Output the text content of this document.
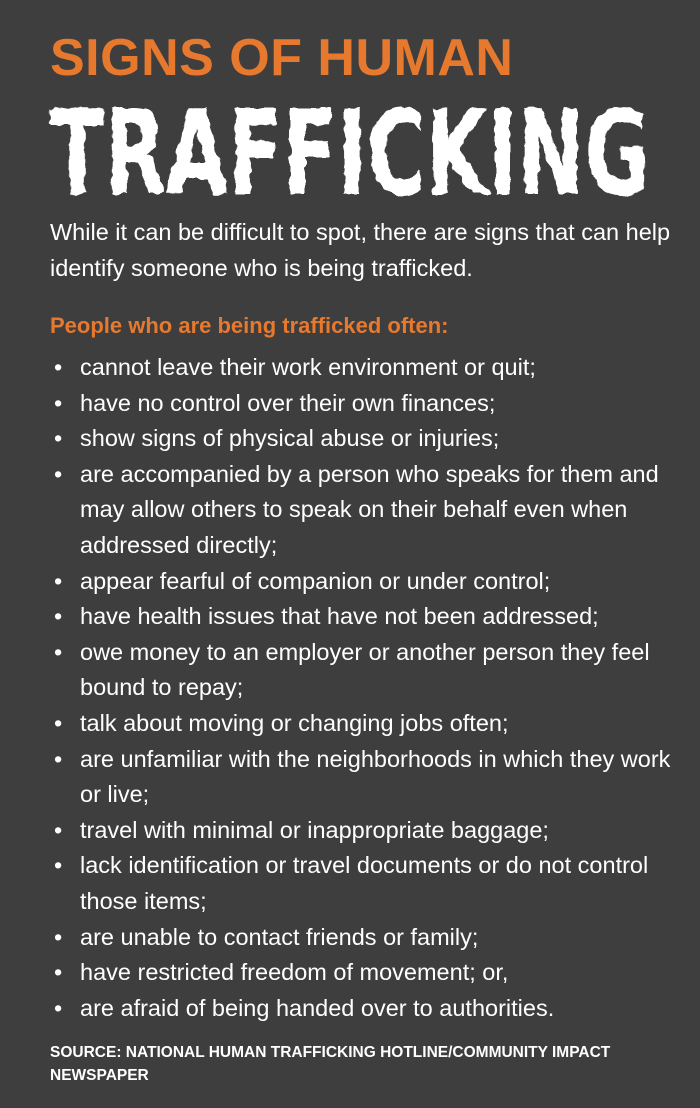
SIGNS OF HUMAN
TRAFFICKING

While it can be difficult to spot, there are signs that can help identify someone who is being trafficked.

People who are being trafficked often:
• cannot leave their work environment or quit;
• have no control over their own finances;
• show signs of physical abuse or injuries;
• are accompanied by a person who speaks for them and may allow others to speak on their behalf even when addressed directly;
• appear fearful of companion or under control;
• have health issues that have not been addressed;
• owe money to an employer or another person they feel bound to repay;
• talk about moving or changing jobs often;
• are unfamiliar with the neighborhoods in which they work or live;
• travel with minimal or inappropriate baggage;
• lack identification or travel documents or do not control those items;
• are unable to contact friends or family;
• have restricted freedom of movement; or,
• are afraid of being handed over to authorities.

SOURCE: NATIONAL HUMAN TRAFFICKING HOTLINE/COMMUNITY IMPACT NEWSPAPER
